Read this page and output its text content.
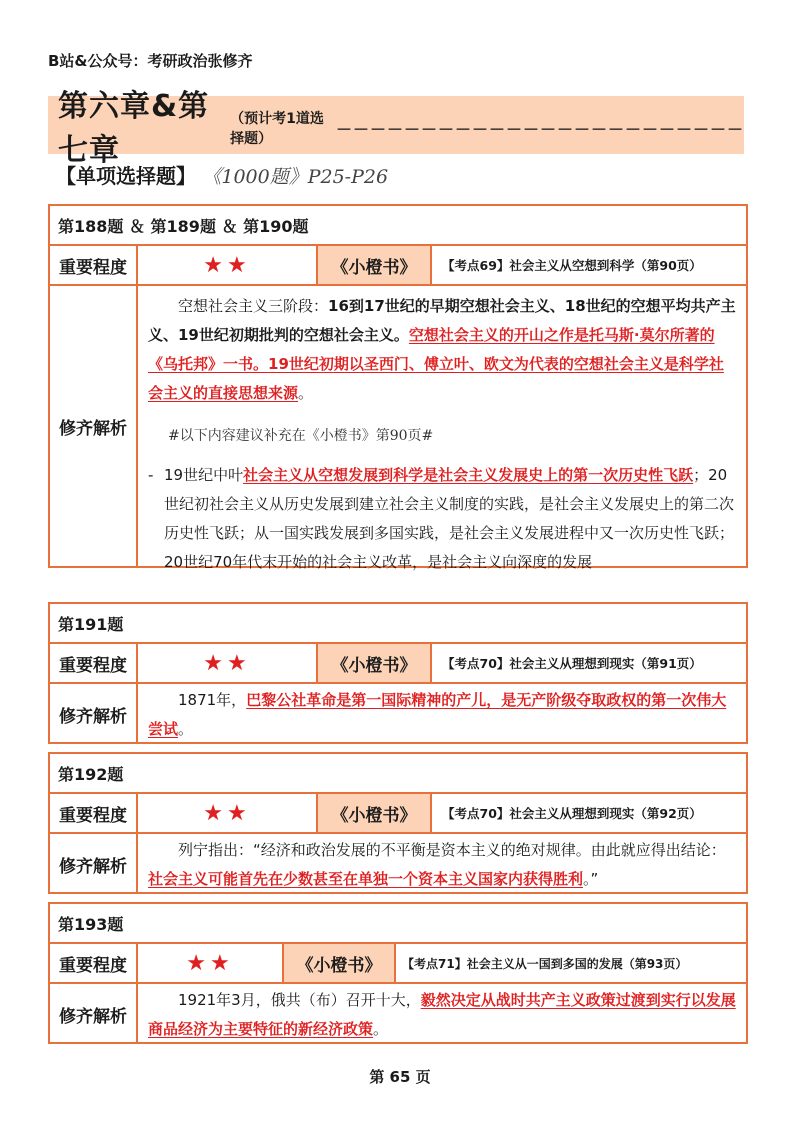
B站&公众号：考研政治张修齐
第六章&第七章
（预计考1道选择题）
－－－－－－－－－－－－－－－－－－－－－－－－
【单项选择题】 《1000题》P25-P26
第188题 ＆ 第189题 ＆ 第190题
重要程度	★★	《小橙书》	【考点69】社会主义从空想到科学（第90页）
修齐解析
空想社会主义三阶段：16到17世纪的早期空想社会主义、18世纪的空想平均共产主义、19世纪初期批判的空想社会主义。空想社会主义的开山之作是托马斯·莫尔所著的《乌托邦》一书。19世纪初期以圣西门、傅立叶、欧文为代表的空想社会主义是科学社会主义的直接思想来源。
#以下内容建议补充在《小橙书》第90页#
- 19世纪中叶社会主义从空想发展到科学是社会主义发展史上的第一次历史性飞跃；20世纪初社会主义从历史发展到建立社会主义制度的实践，是社会主义发展史上的第二次历史性飞跃；从一国实践发展到多国实践，是社会主义发展进程中又一次历史性飞跃；20世纪70年代末开始的社会主义改革，是社会主义向深度的发展
第191题
重要程度	★★	《小橙书》	【考点70】社会主义从理想到现实（第91页）
修齐解析
1871年，巴黎公社革命是第一国际精神的产儿，是无产阶级夺取政权的第一次伟大尝试。
第192题
重要程度	★★	《小橙书》	【考点70】社会主义从理想到现实（第92页）
修齐解析
列宁指出：“经济和政治发展的不平衡是资本主义的绝对规律。由此就应得出结论：社会主义可能首先在少数甚至在单独一个资本主义国家内获得胜利。”
第193题
重要程度	★★	《小橙书》	【考点71】社会主义从一国到多国的发展（第93页）
修齐解析
1921年3月，俄共（布）召开十大，毅然决定从战时共产主义政策过渡到实行以发展商品经济为主要特征的新经济政策。
第 65 页
